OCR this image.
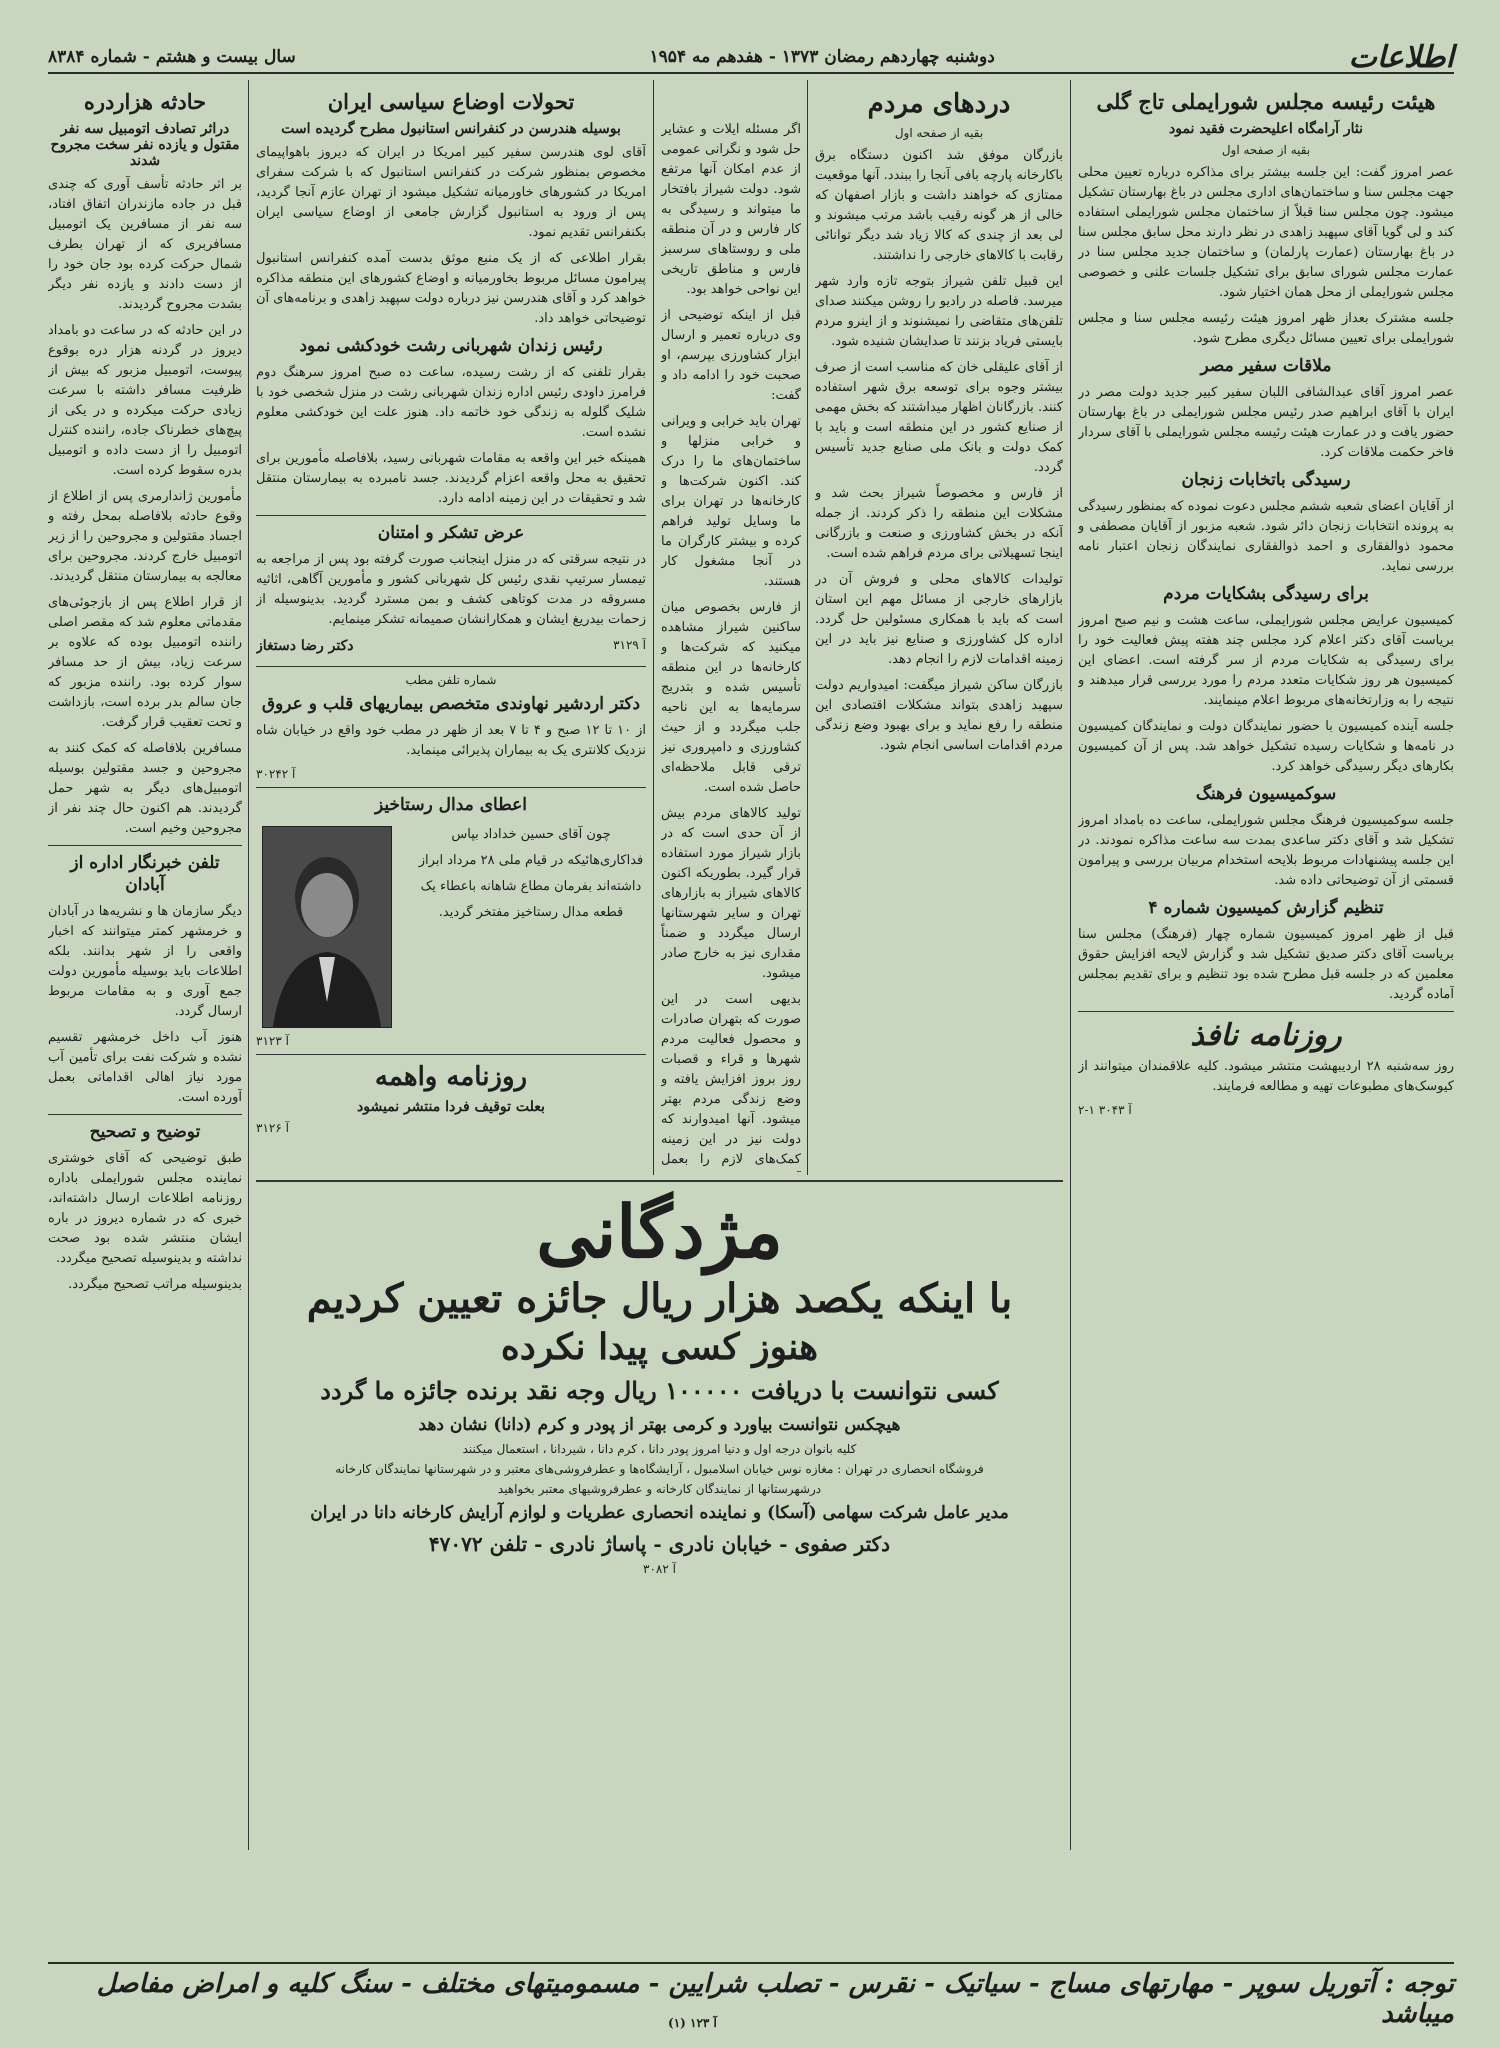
اطلاعات
دوشنبه چهاردهم رمضان ۱۳۷۳ - هفدهم مه ۱۹۵۴
سال بیست و هشتم - شماره ۸۳۸۴
هیئت رئیسه مجلس شورایملی تاج گلی
نثار آرامگاه اعلیحضرت فقید نمود
بقیه از صفحه اول

عصر امروز گفت: این جلسه بیشتر برای مذاکره درباره تعیین محلی جهت مجلس سنا و ساختمان‌های اداری مجلس در باغ بهارستان تشکیل میشود. چون مجلس سنا قبلاً از ساختمان مجلس شورایملی استفاده کند و لی گویا آقای سپهبد زاهدی در نظر دارند محل سابق مجلس سنا در باغ بهارستان (عمارت پارلمان) و ساختمان جدید مجلس سنا در عمارت مجلس شورای سابق برای تشکیل جلسات علنی و خصوصی مجلس شورایملی از محل همان اختیار شود.

جلسه مشترک بعداز ظهر امروز هیئت رئیسه مجلس سنا و مجلس شورایملی برای تعیین مسائل دیگری مطرح شود.

ملاقات سفیر مصر

عصر امروز آقای عبدالشافی اللبان سفیر کبیر جدید دولت مصر در ایران با آقای ابراهیم صدر رئیس مجلس شورایملی در باغ بهارستان حضور یافت و در عمارت هیئت رئیسه مجلس شورایملی با آقای سردار فاخر حکمت ملاقات کرد.

رسیدگی باتخابات زنجان

از آقایان اعضای شعبه ششم مجلس دعوت نموده که بمنظور رسیدگی به پرونده انتخابات زنجان دائر شود. شعبه مزبور از آقایان مصطفی و محمود ذوالفقاری و احمد ذوالفقاری نمایندگان زنجان اعتبار نامه بررسی نماید.

برای رسیدگی بشکایات مردم

کمیسیون عرایض مجلس شورایملی، ساعت هشت و نیم صبح امروز بریاست آقای دکتر اعلام کرد مجلس چند هفته پیش فعالیت خود را برای رسیدگی به شکایات مردم از سر گرفته است. اعضای این کمیسیون هر روز شکایات متعدد مردم را مورد بررسی قرار میدهند و نتیجه را به وزارتخانه‌های مربوط اعلام مینمایند.

جلسه آینده کمیسیون با حضور نمایندگان دولت و نمایندگان کمیسیون در نامه‌ها و شکایات رسیده تشکیل خواهد شد. پس از آن کمیسیون بکارهای دیگر رسیدگی خواهد کرد.

سوکمیسیون فرهنگ

جلسه سوکمیسیون فرهنگ مجلس شورایملی، ساعت ده بامداد امروز تشکیل شد و آقای دکتر ساعدی بمدت سه ساعت مذاکره نمودند. در این جلسه پیشنهادات مربوط بلایحه استخدام مربیان بررسی و پیرامون قسمتی از آن توضیحاتی داده شد.

تنظیم گزارش کمیسیون شماره ۴

قبل از ظهر امروز کمیسیون شماره چهار (فرهنگ) مجلس سنا بریاست آقای دکتر صدیق تشکیل شد و گزارش لایحه افزایش حقوق معلمین که در جلسه قبل مطرح شده بود تنظیم و برای تقدیم بمجلس آماده گردید.

روزنامه نافذ

روز سه‌شنبه ۲۸ اردیبهشت منتشر میشود. کلیه علاقمندان میتوانند از کیوسک‌های مطبوعات تهیه و مطالعه فرمایند.

آ ۳۰۴۳ ۱-۲
دردهای مردم
بقیه از صفحه اول

بازرگان موفق شد اکنون دستگاه برق باکارخانه پارچه بافی آنجا را ببندد. آنها موقعیت ممتازی که خواهند داشت و بازار اصفهان که خالی از هر گونه رقیب باشد مرتب میشوند و لی بعد از چندی که کالا زیاد شد دیگر توانائی رقابت با کالاهای خارجی را نداشتند.

این قبیل تلفن شیراز بتوجه تازه وارد شهر میرسد. فاصله در رادیو را روشن میکنند صدای تلفن‌های متقاضی را نمیشنوند و از اینرو مردم بایستی فریاد بزنند تا صدایشان شنیده شود.

از آقای علیقلی خان که مناسب است از صرف بیشتر وجوه برای توسعه برق شهر استفاده کنند. بازرگانان اظهار میداشتند که بخش مهمی از صنایع کشور در این منطقه است و باید با کمک دولت و بانک ملی صنایع جدید تأسیس گردد.

از فارس و مخصوصاً شیراز بحث شد و مشکلات این منطقه را ذکر کردند. از جمله آنکه در بخش کشاورزی و صنعت و بازرگانی اینجا تسهیلاتی برای مردم فراهم شده است.

تولیدات کالاهای محلی و فروش آن در بازارهای خارجی از مسائل مهم این استان است که باید با همکاری مسئولین حل گردد. اداره کل کشاورزی و صنایع نیز باید در این زمینه اقدامات لازم را انجام دهد.

بازرگان ساکن شیراز میگفت: امیدواریم دولت سپهبد زاهدی بتواند مشکلات اقتصادی این منطقه را رفع نماید و برای بهبود وضع زندگی مردم اقدامات اساسی انجام شود.

اگر مسئله ایلات و عشایر حل شود و نگرانی عمومی از عدم امکان آنها مرتفع شود. دولت شیراز بافتخار ما میتواند و رسیدگی به کار فارس و در آن منطقه ملی و روستاهای سرسبز فارس و مناطق تاریخی این نواحی خواهد بود.

قبل از اینکه توضیحی از وی درباره تعمیر و ارسال ابزار کشاورزی بپرسم، او صحبت خود را ادامه داد و گفت:

تهران باید خرابی و ویرانی و خرابی منزلها و ساختمان‌های ما را درک کند. اکنون شرکت‌ها و کارخانه‌ها در تهران برای ما وسایل تولید فراهم کرده و بیشتر کارگران ما در آنجا مشغول کار هستند.

از فارس بخصوص میان ساکنین شیراز مشاهده میکنید که شرکت‌ها و کارخانه‌ها در این منطقه تأسیس شده و بتدریج سرمایه‌ها به این ناحیه جلب میگردد و از حیث کشاورزی و دامپروری نیز ترقی قابل ملاحظه‌ای حاصل شده است.

تولید کالاهای مردم بیش از آن حدی است که در بازار شیراز مورد استفاده قرار گیرد. بطوریکه اکنون کالاهای شیراز به بازارهای تهران و سایر شهرستانها ارسال میگردد و ضمناً مقداری نیز به خارج صادر میشود.

بدیهی است در این صورت که بتهران صادرات و محصول فعالیت مردم شهرها و قراء و قصبات روز بروز افزایش یافته و وضع زندگی مردم بهتر میشود. آنها امیدوارند که دولت نیز در این زمینه کمک‌های لازم را بعمل

تحولات اوضاع سیاسی ایران
بوسیله هندرسن در کنفرانس استانبول مطرح گردیده است

آقای لوی هندرسن سفیر کبیر امریکا در ایران که دیروز باهواپیمای مخصوص بمنظور شرکت در کنفرانس استانبول که با شرکت سفرای امریکا در کشورهای خاورمیانه تشکیل میشود از تهران عازم آنجا گردید، پس از ورود به استانبول گزارش جامعی از اوضاع سیاسی ایران بکنفرانس تقدیم نمود.

بقرار اطلاعی که از یک منبع موثق بدست آمده کنفرانس استانبول پیرامون مسائل مربوط بخاورمیانه و اوضاع کشورهای این منطقه مذاکره خواهد کرد و آقای هندرسن نیز درباره دولت سپهبد زاهدی و برنامه‌های آن توضیحاتی خواهد داد.

رئیس زندان شهربانی رشت خودکشی نمود

بقرار تلفنی که از رشت رسیده، ساعت ده صبح امروز سرهنگ دوم فرامرز داودی رئیس اداره زندان شهربانی رشت در منزل شخصی خود با شلیک گلوله به زندگی خود خاتمه داد. هنوز علت این خودکشی معلوم نشده است.

همینکه خبر این واقعه به مقامات شهربانی رسید، بلافاصله مأمورین برای تحقیق به محل واقعه اعزام گردیدند. جسد نامبرده به بیمارستان منتقل شد و تحقیقات در این زمینه ادامه دارد.

عرض تشکر و امتنان

در نتیجه سرقتی که در منزل اینجانب صورت گرفته بود پس از مراجعه به تیمسار سرتیپ نقدی رئیس کل شهربانی کشور و مأمورین آگاهی، اثاثیه مسروقه در مدت کوتاهی کشف و بمن مسترد گردید. بدینوسیله از زحمات بیدریغ ایشان و همکارانشان صمیمانه تشکر مینمایم.

آ ۳۱۲۹
دکتر رضا دستغاز
شماره تلفن مطب
دکتر اردشیر نهاوندی متخصص بیماریهای قلب و عروق

از ۱۰ تا ۱۲ صبح و ۴ تا ۷ بعد از ظهر در مطب خود واقع در خیابان شاه نزدیک کلانتری یک به بیماران پذیرائی مینماید.

آ ۳۰۲۴۲
اعطای مدال رستاخیز

چون آقای حسین خداداد بپاس فداکاری‌هائیکه در قیام ملی ۲۸ مرداد ابراز داشته‌اند بفرمان مطاع شاهانه باعطاء یک قطعه مدال رستاخیز مفتخر گردید.

آ ۳۱۲۳
روزنامه واهمه
بعلت توقیف فردا منتشر نمیشود
آ ۳۱۲۶
حادثه هزاردره
دراثر تصادف اتومبیل سه نفر مقتول و یازده نفر سخت مجروح شدند

بر اثر حادثه تأسف آوری که چندی قبل در جاده مازندران اتفاق افتاد، سه نفر از مسافرین یک اتومبیل مسافربری که از تهران بطرف شمال حرکت کرده بود جان خود را از دست دادند و یازده نفر دیگر بشدت مجروح گردیدند.

در این حادثه که در ساعت دو بامداد دیروز در گردنه هزار دره بوقوع پیوست، اتومبیل مزبور که بیش از ظرفیت مسافر داشته با سرعت زیادی حرکت میکرده و در یکی از پیچ‌های خطرناک جاده، راننده کنترل اتومبیل را از دست داده و اتومبیل بدره سقوط کرده است.

مأمورین ژاندارمری پس از اطلاع از وقوع حادثه بلافاصله بمحل رفته و اجساد مقتولین و مجروحین را از زیر اتومبیل خارج کردند. مجروحین برای معالجه به بیمارستان منتقل گردیدند.

از قرار اطلاع پس از بازجوئی‌های مقدماتی معلوم شد که مقصر اصلی راننده اتومبیل بوده که علاوه بر سرعت زیاد، بیش از حد مسافر سوار کرده بود. راننده مزبور که جان سالم بدر برده است، بازداشت و تحت تعقیب قرار گرفت.

مسافرین بلافاصله که کمک کنند به مجروحین و جسد مقتولین بوسیله اتومبیل‌های دیگر به شهر حمل گردیدند. هم اکنون حال چند نفر از مجروحین وخیم است.

تلفن خبرنگار اداره از آبادان

دیگر سازمان ها و نشریه‌ها در آبادان و خرمشهر کمتر میتوانند که اخبار واقعی را از شهر بدانند. بلکه اطلاعات باید بوسیله مأمورین دولت جمع آوری و به مقامات مربوط ارسال گردد.

هنوز آب داخل خرمشهر تقسیم نشده و شرکت نفت برای تأمین آب مورد نیاز اهالی اقداماتی بعمل آورده است.

توضیح و تصحیح

طبق توضیحی که آقای خوشتری نماینده مجلس شورایملی باداره روزنامه اطلاعات ارسال داشته‌اند، خبری که در شماره دیروز در باره ایشان منتشر شده بود صحت نداشته و بدینوسیله تصحیح میگردد.

بدینوسیله مراتب تصحیح میگردد.

مژدگانی

با اینکه یکصد هزار ریال جائزه تعیین کردیم

هنوز کسی پیدا نکرده

کسی نتوانست با دریافت ۱۰۰۰۰۰ ریال وجه نقد برنده جائزه ما گردد

هیچکس نتوانست بیاورد و کرمی بهتر از پودر و کرم (دانا) نشان دهد

کلیه بانوان درجه اول و دنیا امروز پودر دانا ، کرم دانا ، شیردانا ، استعمال میکنند

فروشگاه انحصاری در تهران : مغازه نوس خیابان اسلامبول ، آرایشگاه‌ها و عطرفروشی‌های معتبر و در شهرستانها نمایندگان کارخانه

درشهرستانها از نمایندگان کارخانه و عطرفروشیهای معتبر بخواهید

مدیر عامل شرکت سهامی (آسکا) و نماینده انحصاری عطریات و لوازم آرایش کارخانه دانا در ایران

دکتر صفوی - خیابان نادری - پاساژ نادری - تلفن ۴۷۰۷۲

آ ۳۰۸۲
توجه : آتوریل سوپر - مهارتهای مساج - سیاتیک - نقرس - تصلب شرایین - مسمومیتهای مختلف - سنگ کلیه و امراض مفاصل میباشد
آ ۱۲۳ (۱)
